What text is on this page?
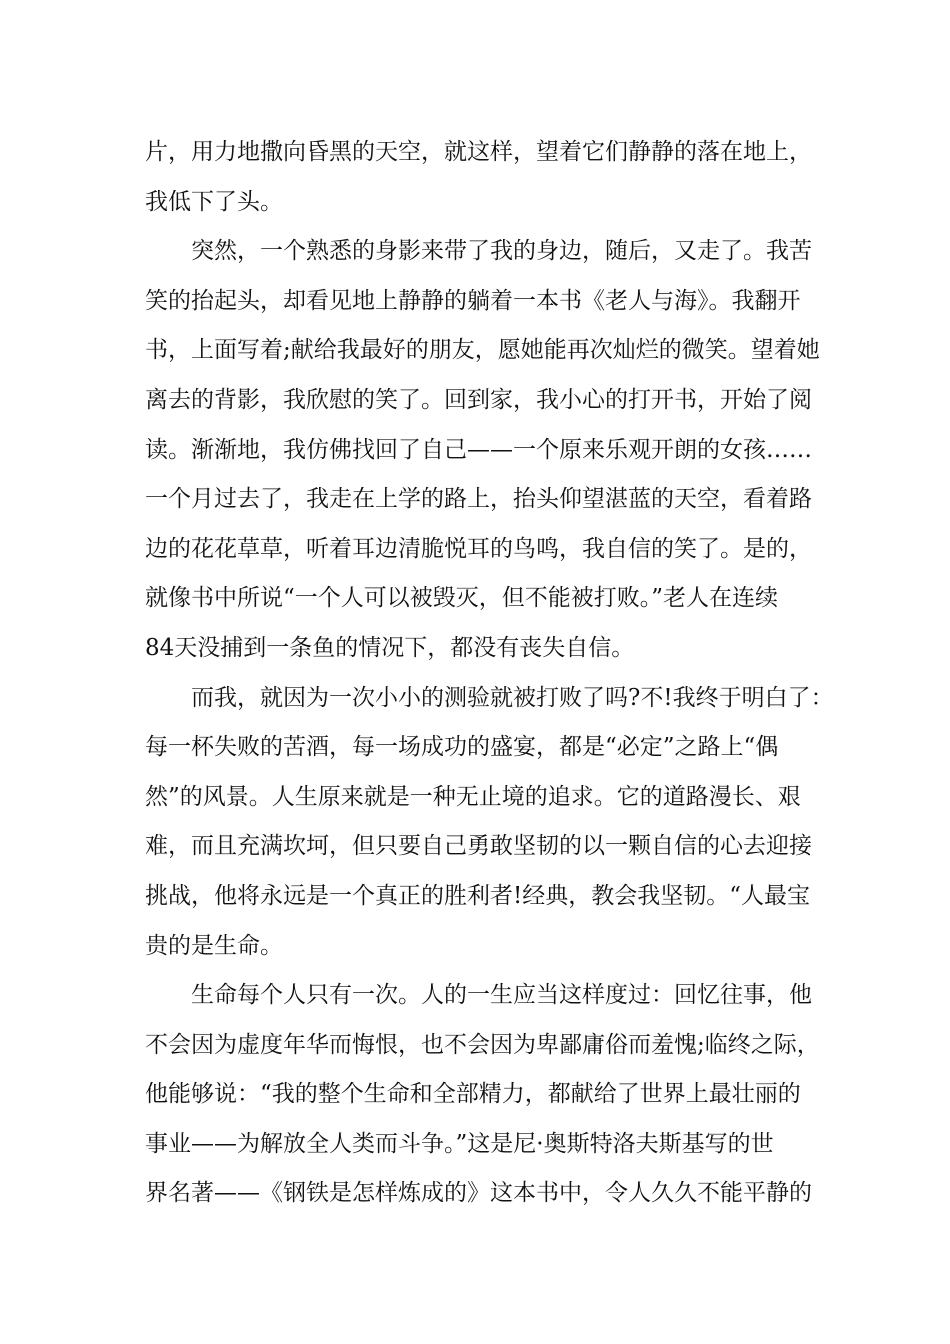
片，用力地撒向昏黑的天空，就这样，望着它们静静的落在地上，
我低下了头。
突然，一个熟悉的身影来带了我的身边，随后，又走了。我苦
笑的抬起头，却看见地上静静的躺着一本书《老人与海》。我翻开
书，上面写着;献给我最好的朋友，愿她能再次灿烂的微笑。望着她
离去的背影，我欣慰的笑了。回到家，我小心的打开书，开始了阅
读。渐渐地，我仿佛找回了自己——一个原来乐观开朗的女孩……
一个月过去了，我走在上学的路上，抬头仰望湛蓝的天空，看着路
边的花花草草，听着耳边清脆悦耳的鸟鸣，我自信的笑了。是的，
就像书中所说“一个人可以被毁灭，但不能被打败。”老人在连续
84天没捕到一条鱼的情况下，都没有丧失自信。
而我，就因为一次小小的测验就被打败了吗?不!我终于明白了：
每一杯失败的苦酒，每一场成功的盛宴，都是“必定”之路上“偶
然”的风景。人生原来就是一种无止境的追求。它的道路漫长、艰
难，而且充满坎坷，但只要自己勇敢坚韧的以一颗自信的心去迎接
挑战，他将永远是一个真正的胜利者!经典，教会我坚韧。“人最宝
贵的是生命。
生命每个人只有一次。人的一生应当这样度过：回忆往事，他
不会因为虚度年华而悔恨，也不会因为卑鄙庸俗而羞愧;临终之际，
他能够说：“我的整个生命和全部精力，都献给了世界上最壮丽的
事业——为解放全人类而斗争。”这是尼·奥斯特洛夫斯基写的世
界名著——《钢铁是怎样炼成的》这本书中，令人久久不能平静的
